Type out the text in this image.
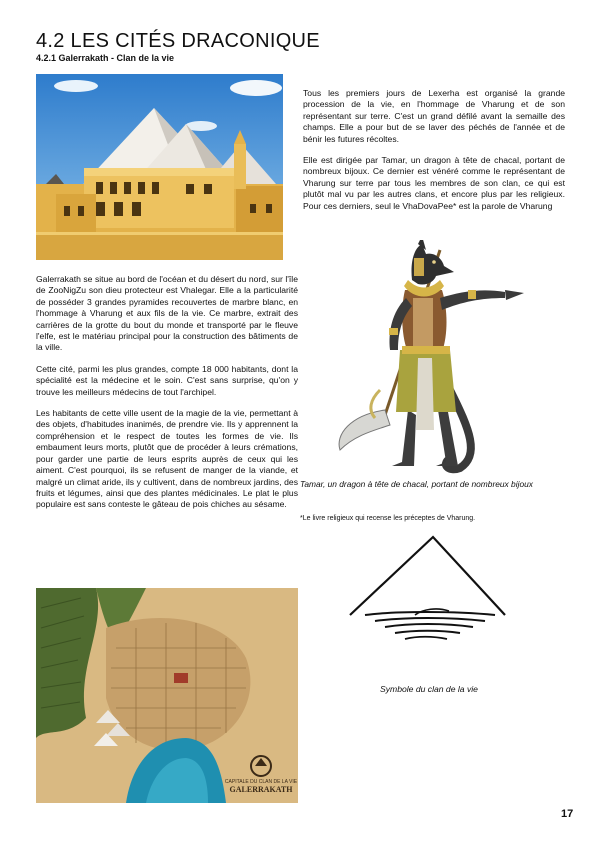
4.2 LES CITÉS DRACONIQUE
4.2.1 Galerrakath - Clan de la vie

Galerrakath se situe au bord de l'océan et du désert du nord, sur l'île de ZooNigZu son dieu protecteur est Vhalegar. Elle a la particularité de posséder 3 grandes pyramides recouvertes de marbre blanc, en l'hommage à Vharung et aux fils de la vie. Ce marbre, extrait des carrières de la grotte du bout du monde et transporté par le fleuve l'elfe, est le matériau principal pour la construction des bâtiments de la ville.

Cette cité, parmi les plus grandes, compte 18 000 habitants, dont la spécialité est la médecine et le soin. C'est sans surprise, qu'on y trouve les meilleurs médecins de tout l'archipel.

Les habitants de cette ville usent de la magie de la vie, permettant à des objets, d'habitudes inanimés, de prendre vie. Ils y apprennent la compréhension et le respect de toutes les formes de vie. Ils embaument leurs morts, plutôt que de procéder à leurs crémations, pour garder une partie de leurs esprits auprès de ceux qui les aiment. C'est pourquoi, ils se refusent de manger de la viande, et malgré un climat aride, ils y cultivent, dans de nombreux jardins, des fruits et légumes, ainsi que des plantes médicinales. Le plat le plus populaire est sans conteste le gâteau de pois chiches au sésame.

Tous les premiers jours de Lexerha est organisé la grande procession de la vie, en l'hommage de Vharung et de son représentant sur terre. C'est un grand défilé avant la semaille des champs. Elle a pour but de se laver des péchés de l'année et de bénir les futures récoltes.

Elle est dirigée par Tamar, un dragon à tête de chacal, portant de nombreux bijoux. Ce dernier est vénéré comme le représentant de Vharung sur terre par tous les membres de son clan, ce qui est plutôt mal vu par les autres clans, et encore plus par les religieux. Pour ces derniers, seul le VhaDovaPee* est la parole de Vharung

Tamar, un dragon à tête de chacal, portant de nombreux bijoux
*Le livre religieux qui recense les préceptes de Vharung.
Symbole du clan de la vie
CAPITALE DU CLAN DE LA VIE
GALERRAKATH
17
